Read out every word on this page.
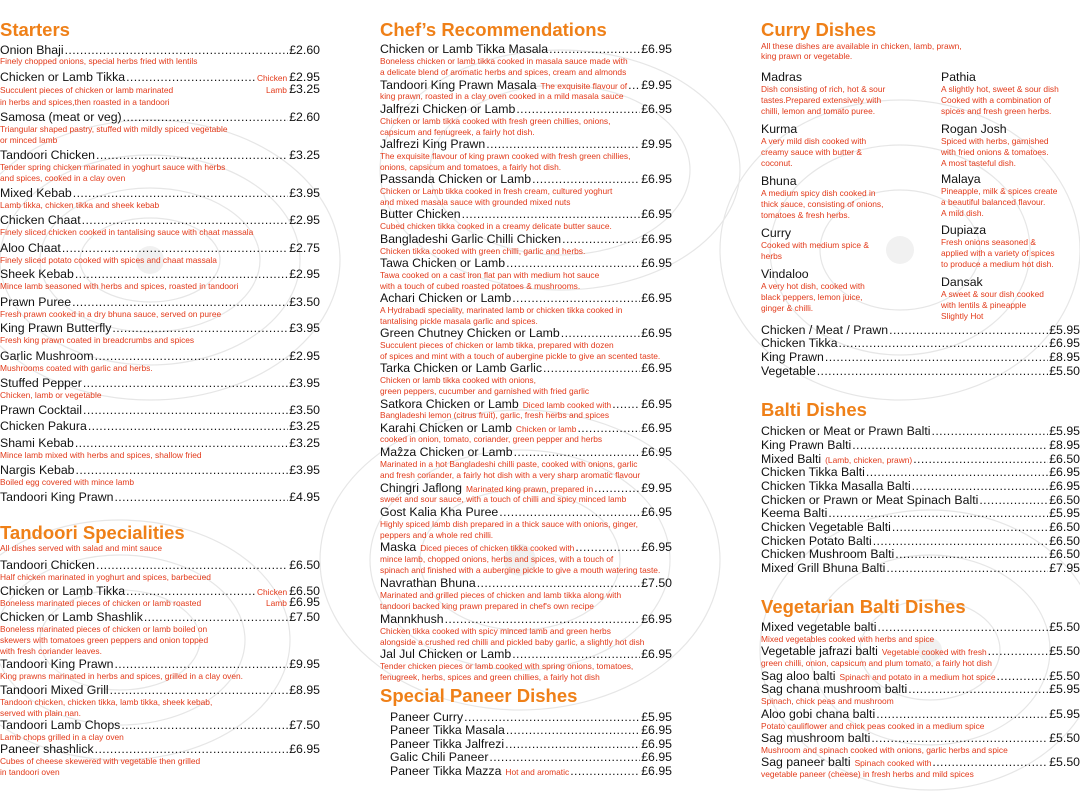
Starters
Onion Bhaji .....	£2.60
Finely chopped onions, special herbs fried with lentils
Chicken or Lamb Tikka .....	Chicken £2.95
Succulent pieces of chicken or lamb marinated	Lamb £3.25
in herbs and spices,then roasted in a tandoori
Samosa (meat or veg) .....	£2.60
Triangular shaped pastry, stuffed with mildly spiced vegetable
or minced lamb
Tandoori Chicken .....	£3.25
Tender spring chicken marinated in yoghurt sauce with herbs
and spices, cooked in a clay oven
Mixed Kebab .....	£3.95
Lamb tikka, chicken tikka and sheek kebab
Chicken Chaat .....	£2.95
Finely sliced chicken cooked in tantalising sauce with chaat massala
Aloo Chaat .....	£2.75
Finely sliced potato cooked with spices and chaat massala
Sheek Kebab .....	£2.95
Mince lamb seasoned with herbs and spices, roasted in tandoori
Prawn Puree .....	£3.50
Fresh prawn cooked in a dry bhuna sauce, served on puree
King Prawn Butterfly .....	£3.95
Fresh king prawn coated in breadcrumbs and spices
Garlic Mushroom .....	£2.95
Mushrooms coated with garlic and herbs.
Stuffed Pepper .....	£3.95
Chicken, lamb or vegetable
Prawn Cocktail .....	£3.50
Chicken Pakura .....	£3.25
Shami Kebab .....	£3.25
Mince lamb mixed with herbs and spices, shallow fried
Nargis Kebab .....	£3.95
Boiled egg covered with mince lamb
Tandoori King Prawn .....	£4.95
Tandoori Specialities
All dishes served with salad and mint sauce
Tandoori Chicken .....	£6.50
Half chicken marinated in yoghurt and spices, barbecued
Chicken or Lamb Tikka .....	Chicken £6.50
Boneless marinated pieces of chicken or lamb roasted	Lamb £6.95
Chicken or Lamb Shashlik .....	£7.50
Boneless marinated pieces of chicken or lamb boiled on
skewers with tomatoes green peppers and onion topped
with fresh coriander leaves.
Tandoori King Prawn .....	£9.95
King prawns marinated in herbs and spices, grilled in a clay oven.
Tandoori Mixed Grill .....	£8.95
Tandoon chicken, chicken tikka, lamb tikka, sheek kebab,
served with plain nan.
Tandoori Lamb Chops .....	£7.50
Lamb chops grilled in a clay oven
Paneer shashlick .....	£6.95
Cubes of cheese skewered with vegetable then grilled
in tandoori oven
Chef’s Recommendations
Chicken or Lamb Tikka Masala .....	£6.95
Boneless chicken or lamb tikka cooked in masala sauce made with
a delicate blend of aromatic herbs and spices, cream and almonds
Tandoori King Prawn Masala The exquisite flavour of ..... £9.95
king prawn, roasted in a clay oven cooked in a mild masala sauce
Jalfrezi Chicken or Lamb .....	£6.95
Chicken or lamb tikka cooked with fresh green chillies, onions,
capsicum and fenugreek, a fairly hot dish.
Jalfrezi King Prawn .....	£9.95
The exquisite flavour of king prawn cooked with fresh green chillies,
onions, capsicum and tomatoes, a fairly hot dish.
Passanda Chicken or Lamb .....	£6.95
Chicken or Lamb tikka cooked in fresh cream, cultured yoghurt
and mixed masala sauce with grounded mixed nuts
Butter Chicken .....	£6.95
Cubed chicken tikka cooked in a creamy delicate butter sauce.
Bangladeshi Garlic Chilli Chicken .....	£6.95
Chicken tikka cooked with green chilli, garlic and herbs.
Tawa Chicken or Lamb .....	£6.95
Tawa cooked on a cast iron flat pan with medium hot sauce
with a touch of cubed roasted potatoes & mushrooms.
Achari Chicken or Lamb .....	£6.95
A Hydrabadi speciality, marinated lamb or chicken tikka cooked in
tantalising pickle masala garlic and spices.
Green Chutney Chicken or Lamb .....	£6.95
Succulent pieces of chicken or lamb tikka, prepared with dozen
of spices and mint with a touch of aubergine pickle to give an scented taste.
Tarka Chicken or Lamb Garlic .....	£6.95
Chicken or lamb tikka cooked with onions,
green peppers, cucumber and garnished with fried garlic
Satkora Chicken or Lamb Diced lamb cooked with ..... £6.95
Bangladeshi lemon (citrus fruit), garlic, fresh herbs and spices
Karahi Chicken or Lamb Chicken or lamb .....	£6.95
cooked in onion, tomato, coriander, green pepper and herbs
Maẑza Chicken or Lamb .....	£6.95
Marinated in a hot Bangladeshi chilli paste, cooked with onions, garlic
and fresh coriander, a fairly hot dish with a very sharp aromatic flavour
Chingri Jaflong Marinated king prawn, prepared in .....	£9.95
sweet and sour sauce, with a touch of chilli and spicy minced lamb
Gost Kalia Kha Puree .....	£6.95
Highly spiced lamb dish prepared in a thick sauce with onions, ginger,
peppers and a whole red chilli.
Maska Diced pieces of chicken tikka cooked with .....	£6.95
mince lamb, chopped onions, herbs and spices, with a touch of
spinach and finished with a aubergine pickle to give a mouth watering taste.
Navrathan Bhuna .....	£7.50
Marinated and grilled pieces of chicken and lamb tikka along with
tandoori backed king prawn prepared in chef's own recipe
Mannkhush .....	£6.95
Chicken tikka cooked with spicy minced lamb and green herbs
alongside a crushed red chilli and pickled baby garlic, a slightly hot dish
Jal Jul Chicken or Lamb .....	£6.95
Tender chicken pieces or lamb cooked with spring onions, tomatoes,
fenugreek, herbs, spices and green chillies, a fairly hot dish
Special Paneer Dishes
Paneer Curry .....	£5.95
Paneer Tikka Masala .....	£6.95
Paneer Tikka Jalfrezi .....	£6.95
Galic Chili Paneer .....	£6.95
Paneer Tikka Mazza Hot and aromatic .....	£6.95
Curry Dishes
All these dishes are available in chicken, lamb, prawn,
king prawn or vegetable.
Madras
Dish consisting of rich, hot & sour
tastes.Prepared extensively with
chilli, lemon and tomato puree.
Kurma
A very mild dish cooked with
creamy sauce with butter &
coconut.
Bhuna
A medium spicy dish cooked in
thick sauce, consisting of onions,
tomatoes & fresh herbs.
Curry
Cooked with medium spice &
herbs
Vindaloo
A very hot dish, cooked with
black peppers, lemon juice,
ginger & chilli.
Pathia
A slightly hot, sweet & sour dish
Cooked with a combination of
spices and fresh green herbs.
Rogan Josh
Spiced with herbs, garnished
with fried onions & tomatoes.
A most tasteful dish.
Malaya
Pineapple, milk & spices create
a beautiful balanced flavour.
A mild dish.
Dupiaza
Fresh onions seasoned &
applied with a variety of spices
to produce a medium hot dish.
Dansak
A sweet & sour dish cooked
with lentils & pineapple
Slightly Hot
Chicken / Meat / Prawn .....	£5.95
Chicken Tikka .....	£6.95
King Prawn .....	£8.95
Vegetable .....	£5.50
Balti Dishes
Chicken or Meat or Prawn Balti .....	£5.95
King Prawn Balti .....	£8.95
Mixed Balti (Lamb, chicken, prawn) .....	£6.50
Chicken Tikka Balti .....	£6.95
Chicken Tikka Masalla Balti .....	£6.95
Chicken or Prawn or Meat Spinach Balti .....	£6.50
Keema Balti .....	£5.95
Chicken Vegetable Balti .....	£6.50
Chicken Potato Balti .....	£6.50
Chicken Mushroom Balti .....	£6.50
Mixed Grill Bhuna Balti .....	£7.95
Vegetarian Balti Dishes
Mixed vegetable balti .....	£5.50
Mixed vegetables cooked with herbs and spice
Vegetable jafrazi balti Vegetable cooked with fresh .....	£5.50
green chilli, onion, capsicum and plum tomato, a fairly hot dish
Sag aloo balti Spinach and potato in a medium hot spice .....	£5.50
Sag chana mushroom balti .....	£5.95
Spinach, chick peas and mushroom
Aloo gobi chana balti .....	£5.95
Potato cauliflower and chick peas cooked in a medium spice
Sag mushroom balti .....	£5.50
Mushroom and spinach cooked with onions, garlic herbs and spice
Sag paneer balti Spinach cooked with .....	£5.50
vegetable paneer (cheese) in fresh herbs and mild spices
